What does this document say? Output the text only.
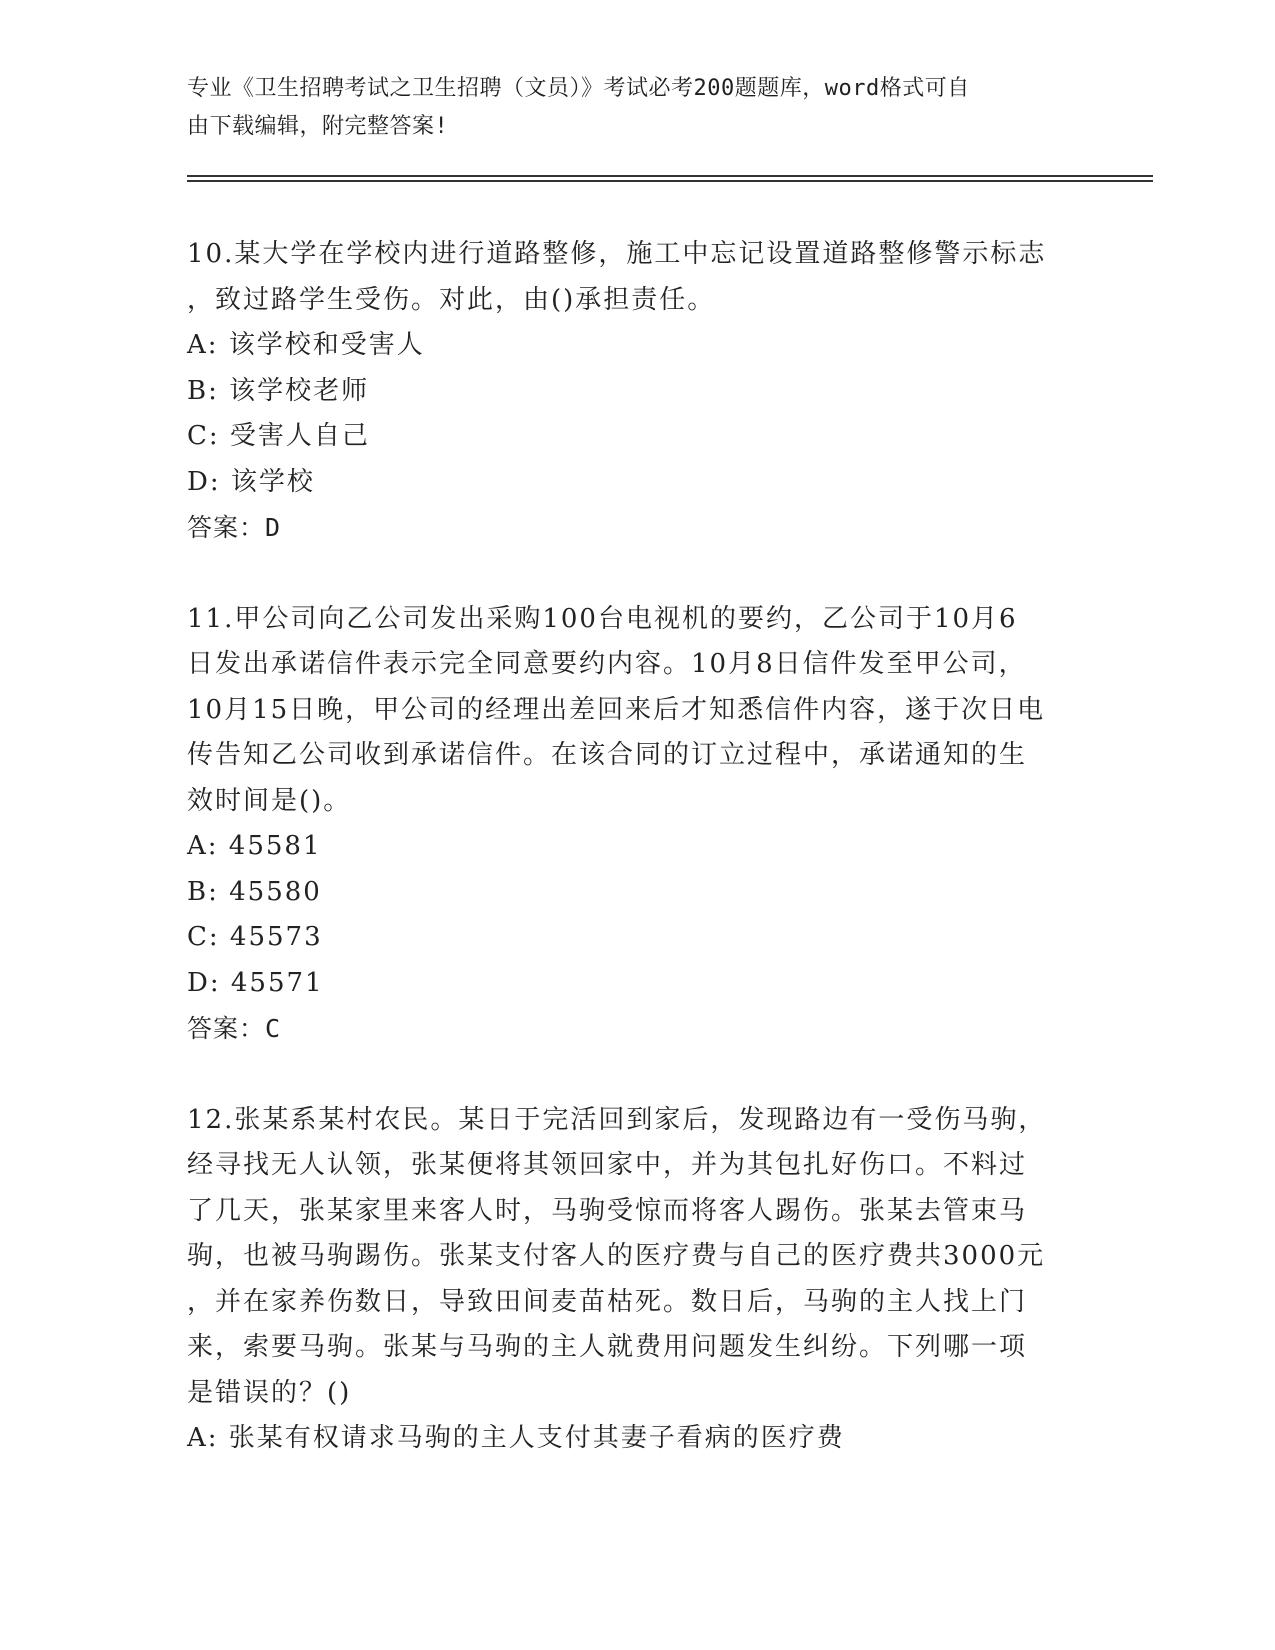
专业《卫生招聘考试之卫生招聘（文员）》考试必考200题题库，word格式可自
由下载编辑，附完整答案!

10.某大学在学校内进行道路整修，施工中忘记设置道路整修警示标志

，致过路学生受伤。对此，由()承担责任。

A: 该学校和受害人

B: 该学校老师

C: 受害人自己

D: 该学校

答案：D

11.甲公司向乙公司发出采购100台电视机的要约，乙公司于10月6

日发出承诺信件表示完全同意要约内容。10月8日信件发至甲公司，

10月15日晚，甲公司的经理出差回来后才知悉信件内容，遂于次日电

传告知乙公司收到承诺信件。在该合同的订立过程中，承诺通知的生

效时间是()。

A: 45581

B: 45580

C: 45573

D: 45571

答案：C

12.张某系某村农民。某日于完活回到家后，发现路边有一受伤马驹，

经寻找无人认领，张某便将其领回家中，并为其包扎好伤口。不料过

了几天，张某家里来客人时，马驹受惊而将客人踢伤。张某去管束马

驹，也被马驹踢伤。张某支付客人的医疗费与自己的医疗费共3000元

，并在家养伤数日，导致田间麦苗枯死。数日后，马驹的主人找上门

来，索要马驹。张某与马驹的主人就费用问题发生纠纷。下列哪一项

是错误的？()

A: 张某有权请求马驹的主人支付其妻子看病的医疗费
